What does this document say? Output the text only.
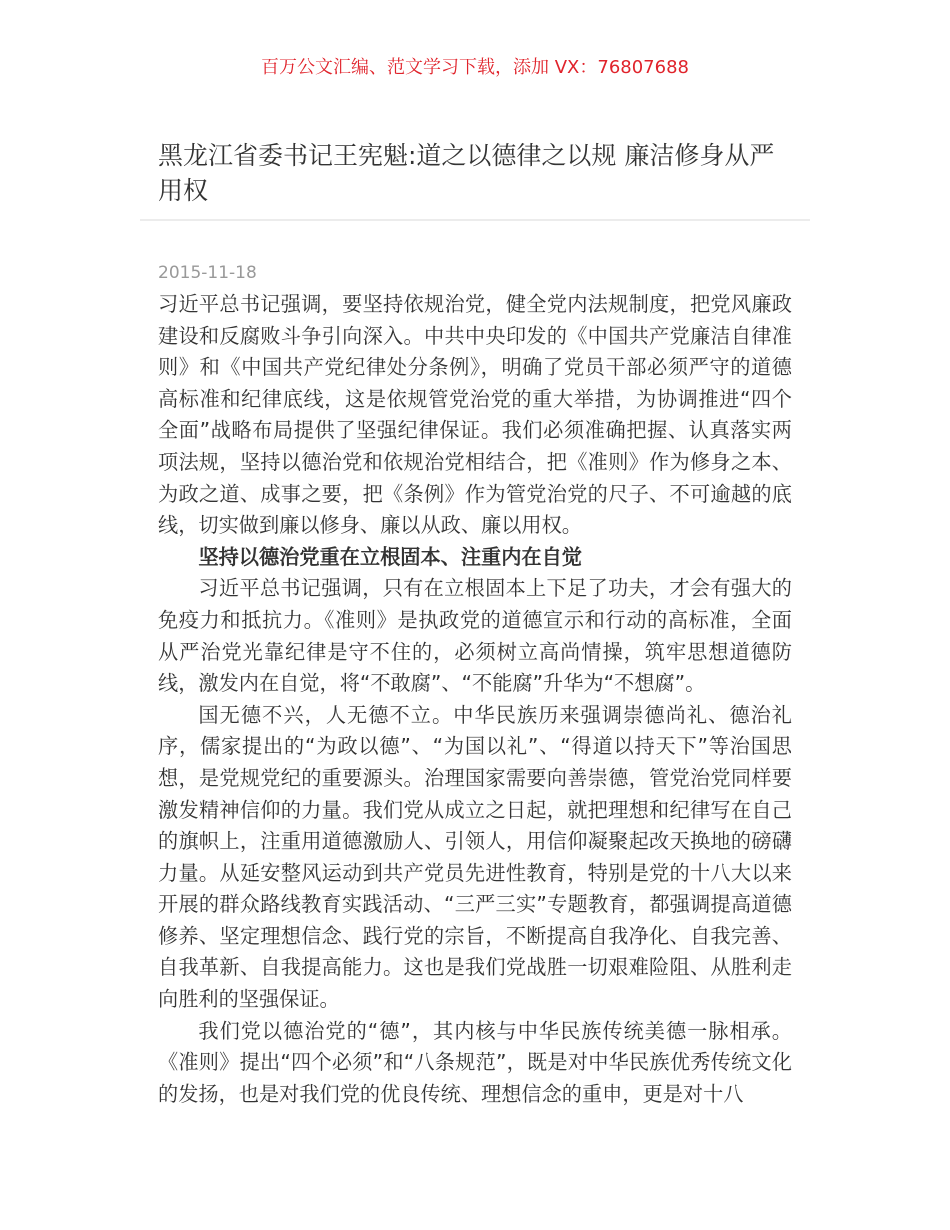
百万公文汇编、范文学习下载，添加 VX：76807688
黑龙江省委书记王宪魁:道之以德律之以规 廉洁修身从严用权
2015-11-18

习近平总书记强调，要坚持依规治党，健全党内法规制度，把党风廉政建设和反腐败斗争引向深入。中共中央印发的《中国共产党廉洁自律准则》和《中国共产党纪律处分条例》，明确了党员干部必须严守的道德高标准和纪律底线，这是依规管党治党的重大举措，为协调推进“四个全面”战略布局提供了坚强纪律保证。我们必须准确把握、认真落实两项法规，坚持以德治党和依规治党相结合，把《准则》作为修身之本、为政之道、成事之要，把《条例》作为管党治党的尺子、不可逾越的底线，切实做到廉以修身、廉以从政、廉以用权。

坚持以德治党重在立根固本、注重内在自觉

习近平总书记强调，只有在立根固本上下足了功夫，才会有强大的免疫力和抵抗力。《准则》是执政党的道德宣示和行动的高标准，全面从严治党光靠纪律是守不住的，必须树立高尚情操，筑牢思想道德防线，激发内在自觉，将“不敢腐”、“不能腐”升华为“不想腐”。

国无德不兴，人无德不立。中华民族历来强调崇德尚礼、德治礼序，儒家提出的“为政以德”、“为国以礼”、“得道以持天下”等治国思想，是党规党纪的重要源头。治理国家需要向善崇德，管党治党同样要激发精神信仰的力量。我们党从成立之日起，就把理想和纪律写在自己的旗帜上，注重用道德激励人、引领人，用信仰凝聚起改天换地的磅礴力量。从延安整风运动到共产党员先进性教育，特别是党的十八大以来开展的群众路线教育实践活动、“三严三实”专题教育，都强调提高道德修养、坚定理想信念、践行党的宗旨，不断提高自我净化、自我完善、自我革新、自我提高能力。这也是我们党战胜一切艰难险阻、从胜利走向胜利的坚强保证。

我们党以德治党的“德”，其内核与中华民族传统美德一脉相承。《准则》提出“四个必须”和“八条规范”，既是对中华民族优秀传统文化的发扬，也是对我们党的优良传统、理想信念的重申，更是对十八
